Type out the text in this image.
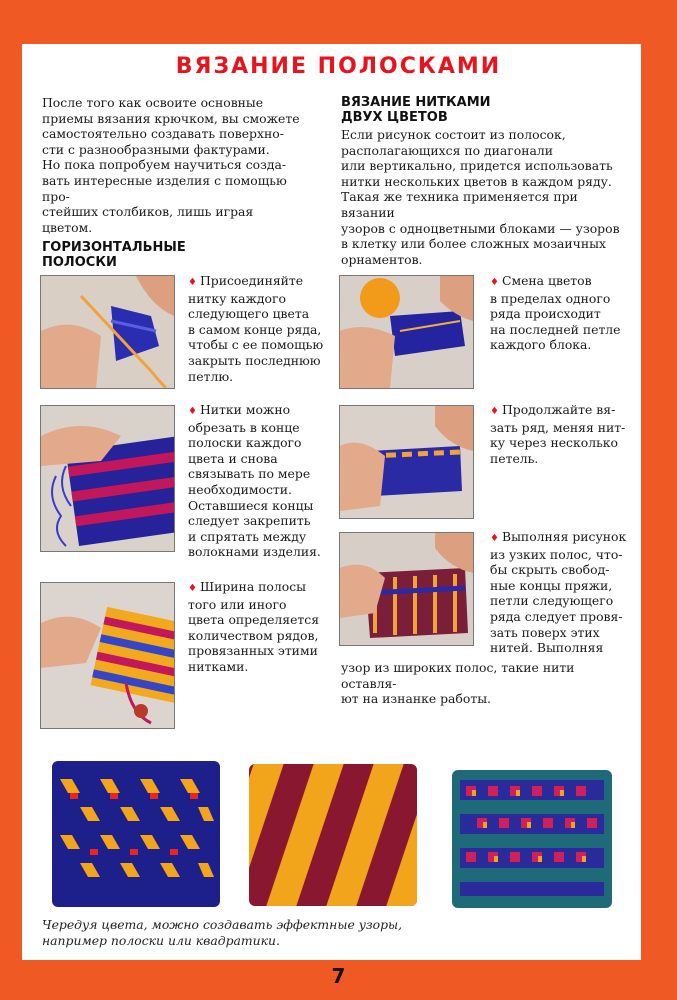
ВЯЗАНИЕ ПОЛОСКАМИ

После того как освоите основные
приемы вязания крючком, вы сможете
самостоятельно создавать поверхно-
сти с разнообразными фактурами.
Но пока попробуем научиться созда-
вать интересные изделия с помощью про-
стейших столбиков, лишь играя цветом.

ГОРИЗОНТАЛЬНЫЕ
ПОЛОСКИ

♦ Присоединяйте
нитку каждого
следующего цвета
в самом конце ряда,
чтобы с ее помощью
закрыть последнюю
петлю.

♦ Нитки можно
обрезать в конце
полоски каждого
цвета и снова
связывать по мере
необходимости.
Оставшиеся концы
следует закрепить
и спрятать между
волокнами изделия.

♦ Ширина полосы
того или иного
цвета определяется
количеством рядов,
провязанных этими
нитками.

ВЯЗАНИЕ НИТКАМИ
ДВУХ ЦВЕТОВ

Если рисунок состоит из полосок,
располагающихся по диагонали
или вертикально, придется использовать
нитки нескольких цветов в каждом ряду.
Такая же техника применяется при вязании
узоров с одноцветными блоками — узоров
в клетку или более сложных мозаичных
орнаментов.

♦ Смена цветов
в пределах одного
ряда происходит
на последней петле
каждого блока.

♦ Продолжайте вя-
зать ряд, меняя нит-
ку через несколько
петель.

♦ Выполняя рисунок
из узких полос, что-
бы скрыть свобод-
ные концы пряжи,
петли следующего
ряда следует провя-
зать поверх этих
нитей. Выполняя

узор из широких полос, такие нити оставля-
ют на изнанке работы.

Чередуя цвета, можно создавать эффектные узоры,
например полоски или квадратики.

7
